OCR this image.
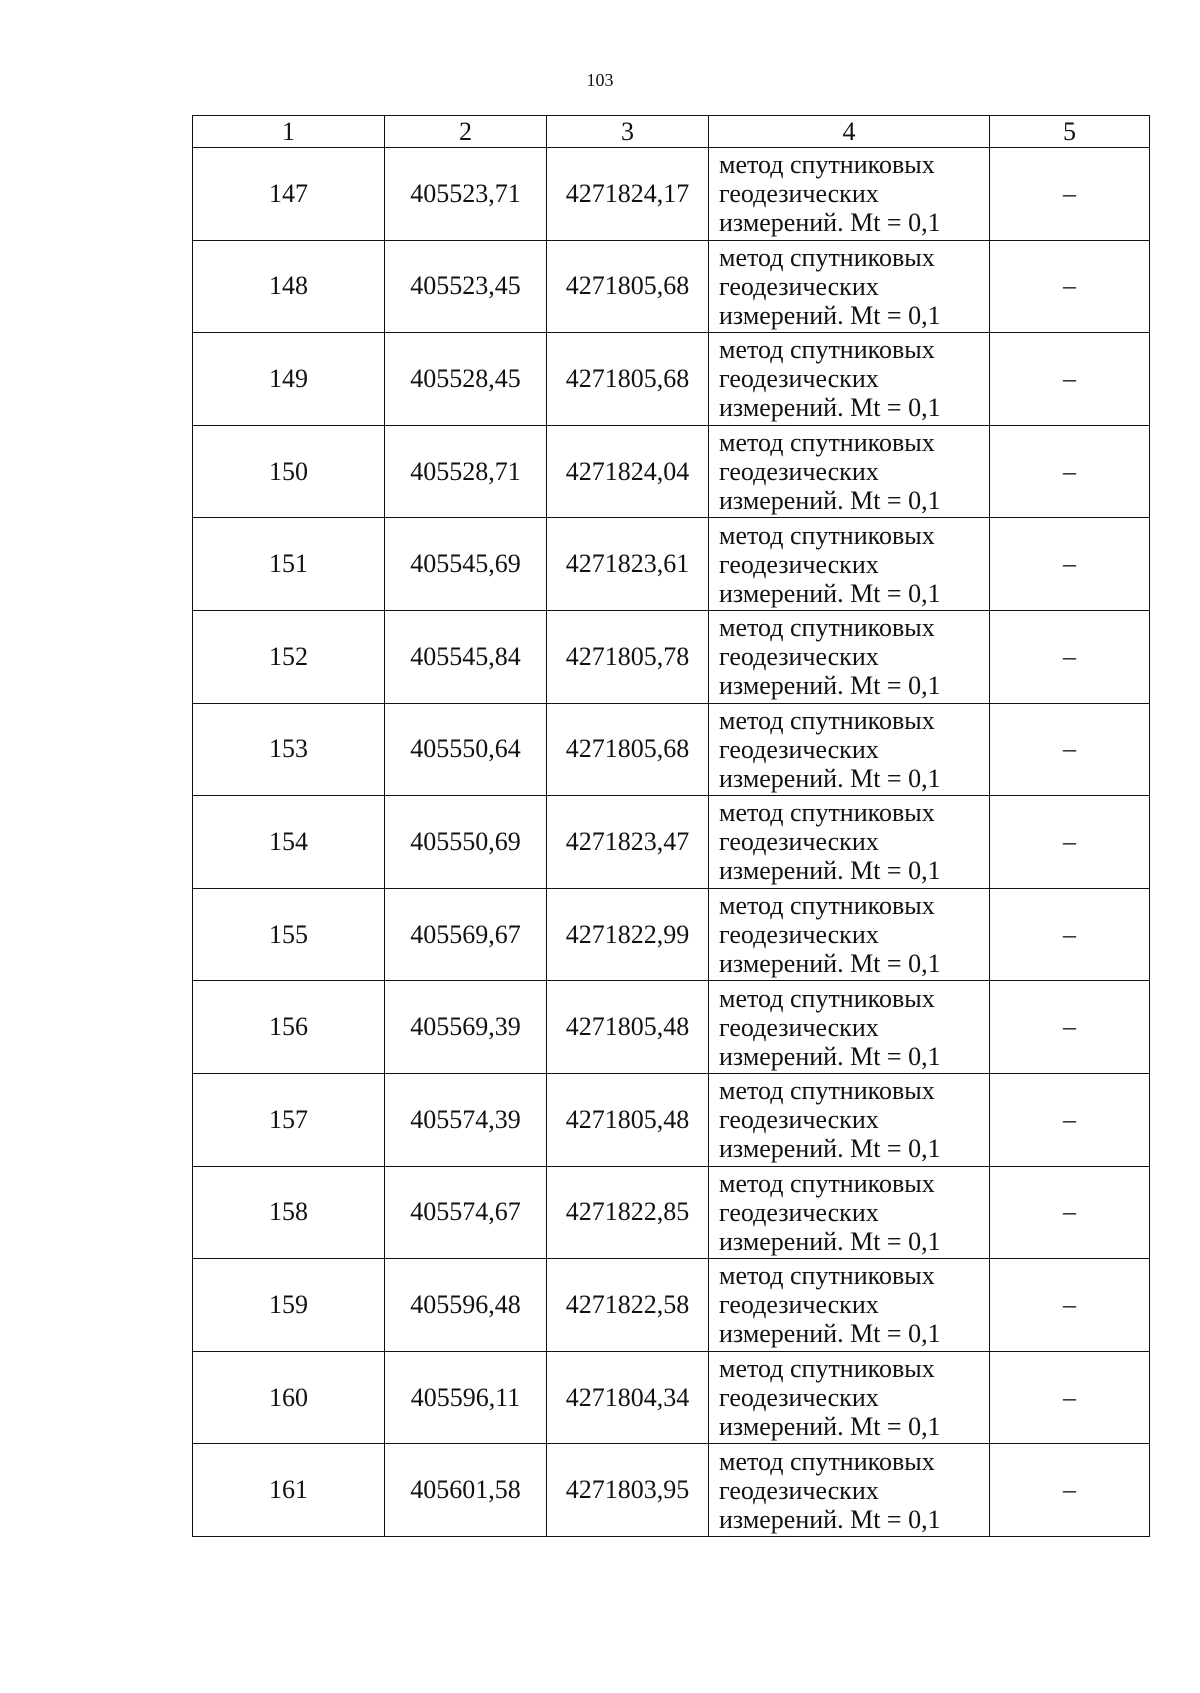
103
1	2	3	4	5
147	405523,71	4271824,17	метод спутниковых
геодезических
измерений. Mt = 0,1	–
148	405523,45	4271805,68	метод спутниковых
геодезических
измерений. Mt = 0,1	–
149	405528,45	4271805,68	метод спутниковых
геодезических
измерений. Mt = 0,1	–
150	405528,71	4271824,04	метод спутниковых
геодезических
измерений. Mt = 0,1	–
151	405545,69	4271823,61	метод спутниковых
геодезических
измерений. Mt = 0,1	–
152	405545,84	4271805,78	метод спутниковых
геодезических
измерений. Mt = 0,1	–
153	405550,64	4271805,68	метод спутниковых
геодезических
измерений. Mt = 0,1	–
154	405550,69	4271823,47	метод спутниковых
геодезических
измерений. Mt = 0,1	–
155	405569,67	4271822,99	метод спутниковых
геодезических
измерений. Mt = 0,1	–
156	405569,39	4271805,48	метод спутниковых
геодезических
измерений. Mt = 0,1	–
157	405574,39	4271805,48	метод спутниковых
геодезических
измерений. Mt = 0,1	–
158	405574,67	4271822,85	метод спутниковых
геодезических
измерений. Mt = 0,1	–
159	405596,48	4271822,58	метод спутниковых
геодезических
измерений. Mt = 0,1	–
160	405596,11	4271804,34	метод спутниковых
геодезических
измерений. Mt = 0,1	–
161	405601,58	4271803,95	метод спутниковых
геодезических
измерений. Mt = 0,1	–
